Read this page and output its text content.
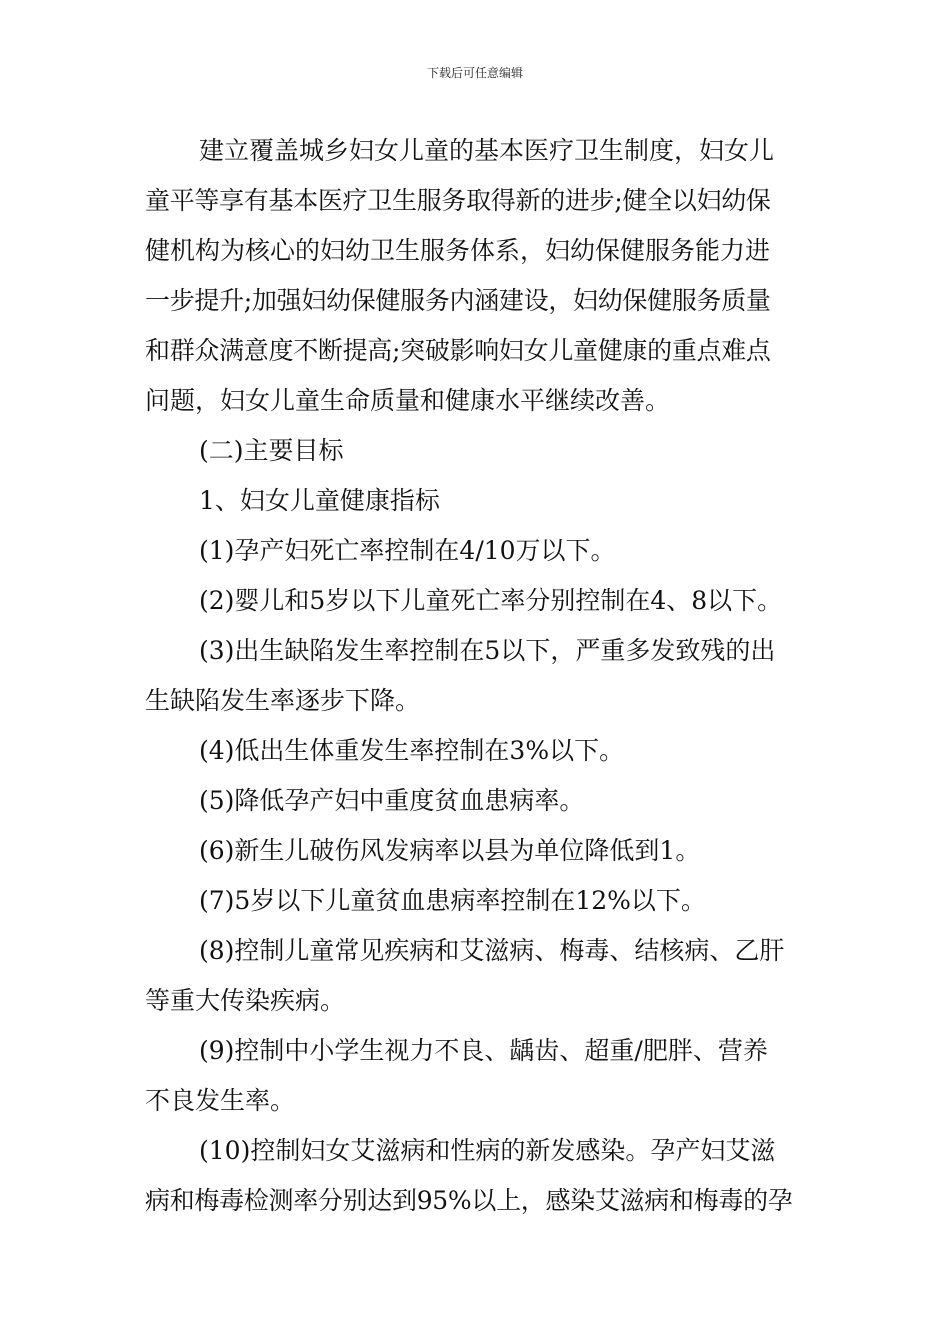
下载后可任意编辑
建立覆盖城乡妇女儿童的基本医疗卫生制度，妇女儿
童平等享有基本医疗卫生服务取得新的进步;健全以妇幼保
健机构为核心的妇幼卫生服务体系，妇幼保健服务能力进
一步提升;加强妇幼保健服务内涵建设，妇幼保健服务质量
和群众满意度不断提高;突破影响妇女儿童健康的重点难点
问题，妇女儿童生命质量和健康水平继续改善。
(二)主要目标
1、妇女儿童健康指标
(1)孕产妇死亡率控制在4/10万以下。
(2)婴儿和5岁以下儿童死亡率分别控制在4、8以下。
(3)出生缺陷发生率控制在5以下，严重多发致残的出
生缺陷发生率逐步下降。
(4)低出生体重发生率控制在3%以下。
(5)降低孕产妇中重度贫血患病率。
(6)新生儿破伤风发病率以县为单位降低到1。
(7)5岁以下儿童贫血患病率控制在12%以下。
(8)控制儿童常见疾病和艾滋病、梅毒、结核病、乙肝
等重大传染疾病。
(9)控制中小学生视力不良、龋齿、超重/肥胖、营养
不良发生率。
(10)控制妇女艾滋病和性病的新发感染。孕产妇艾滋
病和梅毒检测率分别达到95%以上，感染艾滋病和梅毒的孕
